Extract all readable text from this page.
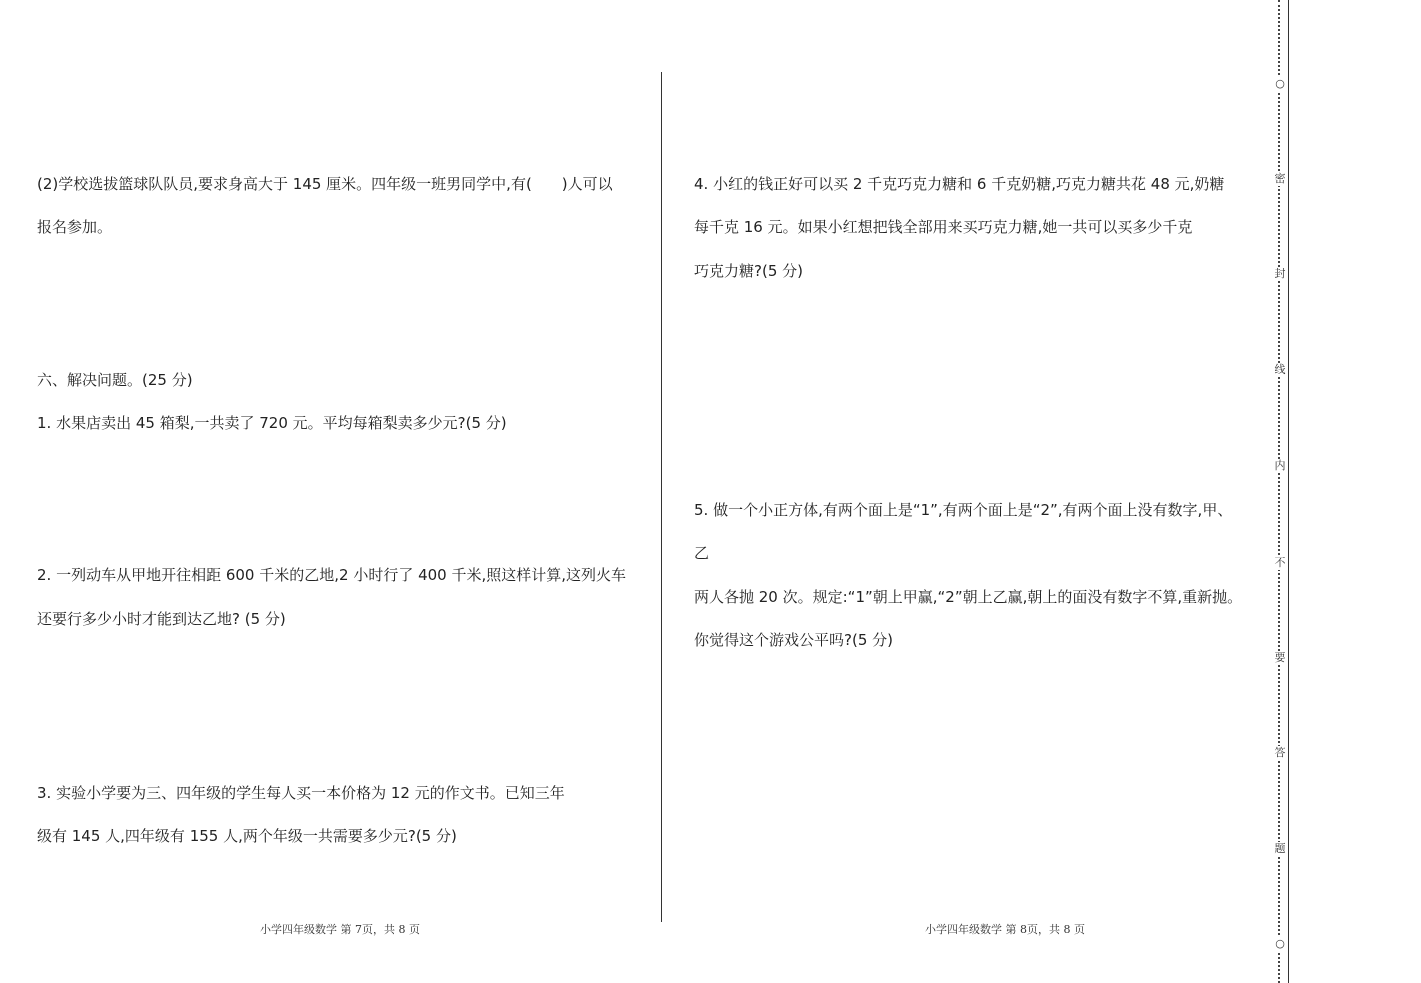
(2)学校选拔篮球队队员,要求身高大于 145 厘米。四年级一班男同学中,有(　　)人可以
报名参加。
六、解决问题。(25 分)
1. 水果店卖出 45 箱梨,一共卖了 720 元。平均每箱梨卖多少元?(5 分)
2. 一列动车从甲地开往相距 600 千米的乙地,2 小时行了 400 千米,照这样计算,这列火车
还要行多少小时才能到达乙地? (5 分)
3. 实验小学要为三、四年级的学生每人买一本价格为 12 元的作文书。已知三年
级有 145 人,四年级有 155 人,两个年级一共需要多少元?(5 分)
小学四年级数学 第 7页，共 8 页
4. 小红的钱正好可以买 2 千克巧克力糖和 6 千克奶糖,巧克力糖共花 48 元,奶糖
每千克 16 元。如果小红想把钱全部用来买巧克力糖,她一共可以买多少千克
巧克力糖?(5 分)
5. 做一个小正方体,有两个面上是“1”,有两个面上是“2”,有两个面上没有数字,甲、
乙
两人各抛 20 次。规定:“1”朝上甲赢,“2”朝上乙赢,朝上的面没有数字不算,重新抛。
你觉得这个游戏公平吗?(5 分)
小学四年级数学 第 8页，共 8 页
○
密
封
线
内
不
要
答
题
○
